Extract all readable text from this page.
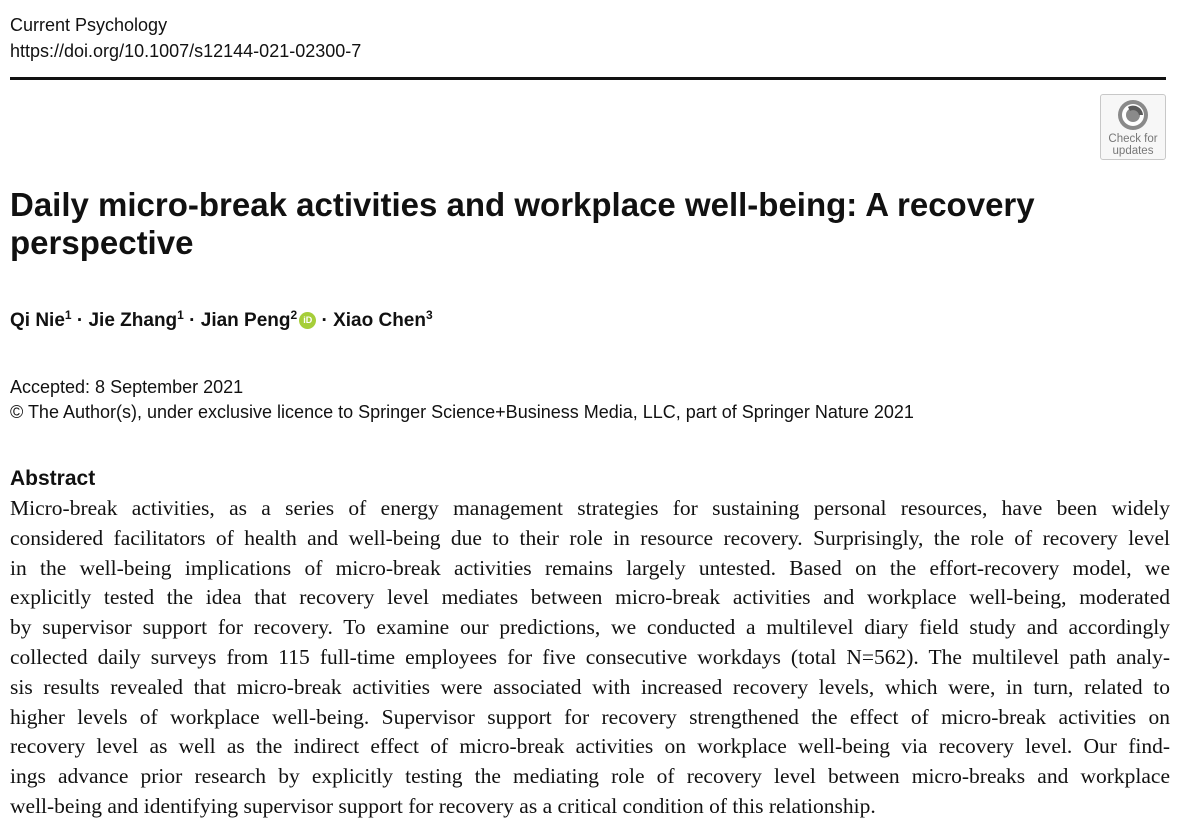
Current Psychology
https://doi.org/10.1007/s12144-021-02300-7
Check for
updates
Daily micro-break activities and workplace well-being: A recovery
perspective
Qi Nie$^1$ · Jie Zhang$^1$ · Jian Peng$^2$ iD · Xiao Chen$^3$
Accepted: 8 September 2021
© The Author(s), under exclusive licence to Springer Science+Business Media, LLC, part of Springer Nature 2021
Abstract
Micro-break activities, as a series of energy management strategies for sustaining personal resources, have been widely
considered facilitators of health and well-being due to their role in resource recovery. Surprisingly, the role of recovery level
in the well-being implications of micro-break activities remains largely untested. Based on the effort-recovery model, we
explicitly tested the idea that recovery level mediates between micro-break activities and workplace well-being, moderated
by supervisor support for recovery. To examine our predictions, we conducted a multilevel diary field study and accordingly
collected daily surveys from 115 full-time employees for five consecutive workdays (total N=562). The multilevel path analy-
sis results revealed that micro-break activities were associated with increased recovery levels, which were, in turn, related to
higher levels of workplace well-being. Supervisor support for recovery strengthened the effect of micro-break activities on
recovery level as well as the indirect effect of micro-break activities on workplace well-being via recovery level. Our find-
ings advance prior research by explicitly testing the mediating role of recovery level between micro-breaks and workplace
well-being and identifying supervisor support for recovery as a critical condition of this relationship.
